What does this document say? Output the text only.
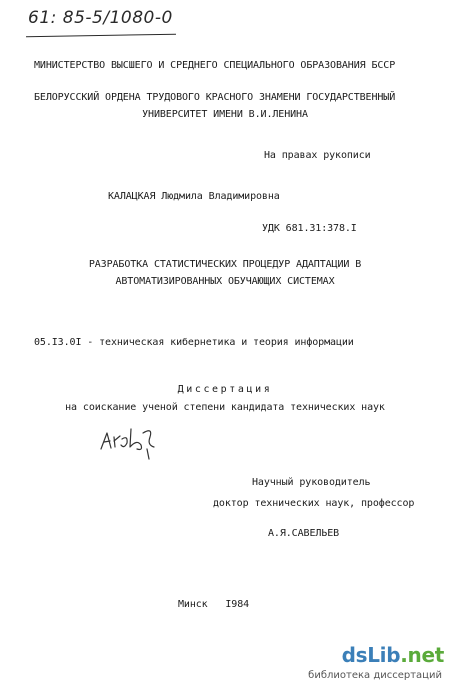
61: 85-5/1080-0
МИНИСТЕРСТВО ВЫСШЕГО И СРЕДНЕГО СПЕЦИАЛЬНОГО ОБРАЗОВАНИЯ БССР
БЕЛОРУССКИЙ ОРДЕНА ТРУДОВОГО КРАСНОГО ЗНАМЕНИ ГОСУДАРСТВЕННЫЙ
УНИВЕРСИТЕТ ИМЕНИ В.И.ЛЕНИНА
На правах рукописи
КАЛАЦКАЯ Людмила Владимировна
УДК 681.31:378.I
РАЗРАБОТКА СТАТИСТИЧЕСКИХ ПРОЦЕДУР АДАПТАЦИИ В
АВТОМАТИЗИРОВАННЫХ ОБУЧАЮЩИХ СИСТЕМАХ
05.I3.0I - техническая кибернетика и теория информации
Диссертация
на соискание ученой степени кандидата технических наук
Научный руководитель
доктор технических наук, профессор
А.Я.САВЕЛЬЕВ
Минск   I984
dsLib.net
библиотека диссертаций
